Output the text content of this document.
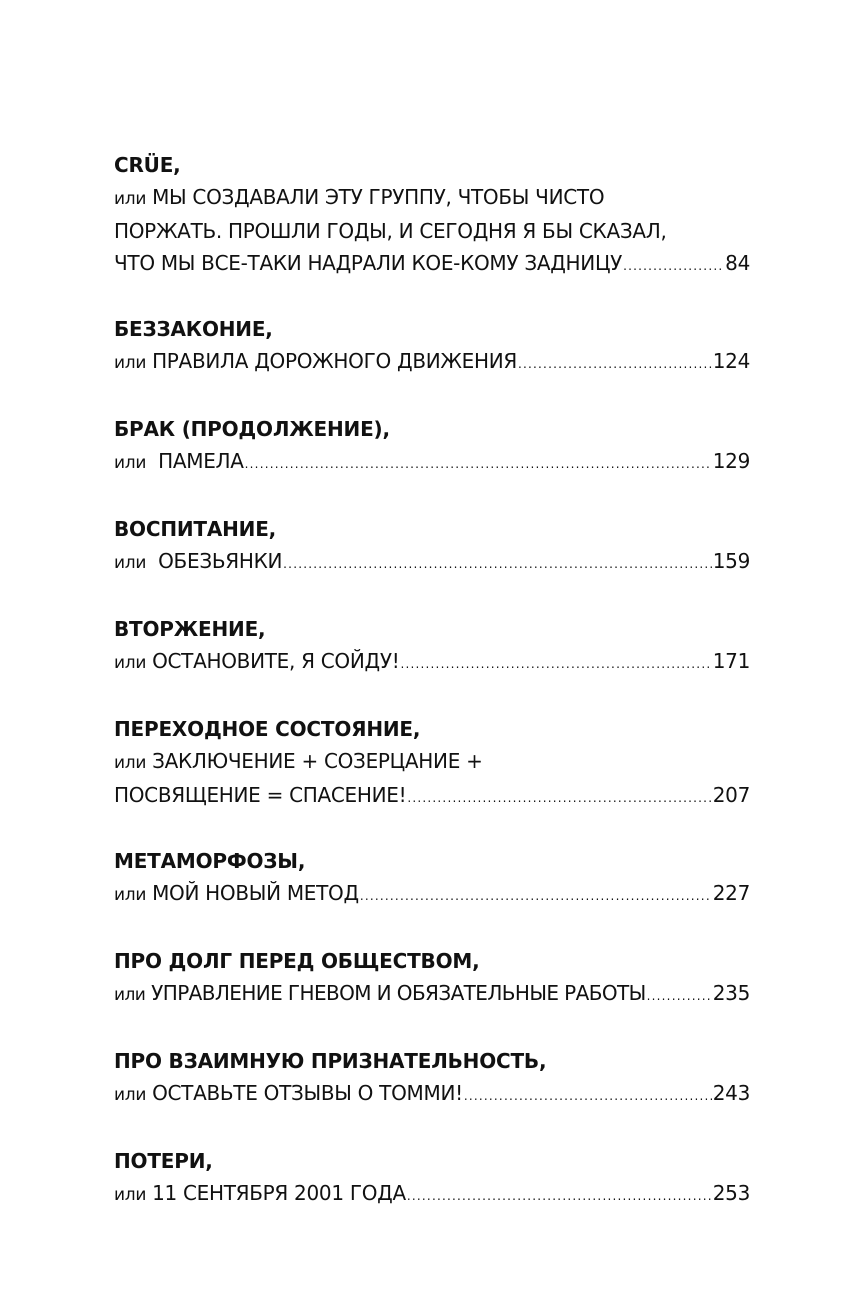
CRÜE,
или МЫ СОЗДАВАЛИ ЭТУ ГРУППУ, ЧТОБЫ ЧИСТО
ПОРЖАТЬ. ПРОШЛИ ГОДЫ, И СЕГОДНЯ Я БЫ СКАЗАЛ,
ЧТО МЫ ВСЕ-ТАКИ НАДРАЛИ КОЕ-КОМУ ЗАДНИЦУ .....	84
БЕЗЗАКОНИЕ,
или ПРАВИЛА ДОРОЖНОГО ДВИЖЕНИЯ .....	124
БРАК (ПРОДОЛЖЕНИЕ),
или ПАМЕЛА .....	129
ВОСПИТАНИЕ,
или ОБЕЗЬЯНКИ .....	159
ВТОРЖЕНИЕ,
или ОСТАНОВИТЕ, Я СОЙДУ! .....	171
ПЕРЕХОДНОЕ СОСТОЯНИЕ,
или ЗАКЛЮЧЕНИЕ + СОЗЕРЦАНИЕ +
ПОСВЯЩЕНИЕ = СПАСЕНИЕ! .....	207
МЕТАМОРФОЗЫ,
или МОЙ НОВЫЙ МЕТОД .....	227
ПРО ДОЛГ ПЕРЕД ОБЩЕСТВОМ,
или УПРАВЛЕНИЕ ГНЕВОМ И ОБЯЗАТЕЛЬНЫЕ РАБОТЫ .....	235
ПРО ВЗАИМНУЮ ПРИЗНАТЕЛЬНОСТЬ,
или ОСТАВЬТЕ ОТЗЫВЫ О ТОММИ! .....	243
ПОТЕРИ,
или 11 СЕНТЯБРЯ 2001 ГОДА .....	253
